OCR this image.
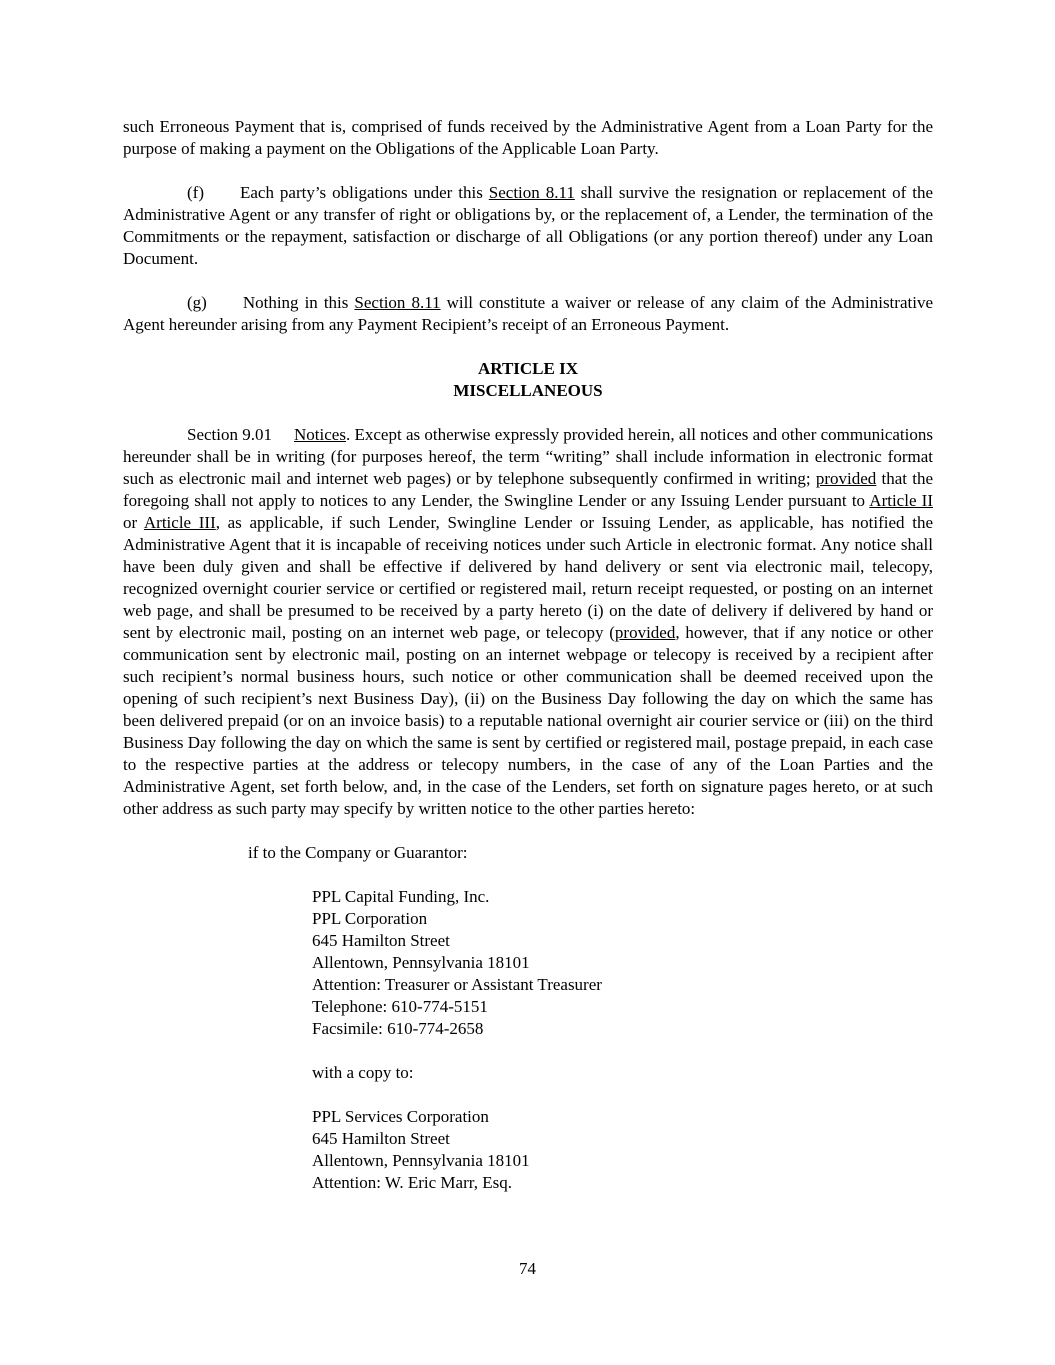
such Erroneous Payment that is, comprised of funds received by the Administrative Agent from a Loan Party for the purpose of making a payment on the Obligations of the Applicable Loan Party.

(f) Each party’s obligations under this Section 8.11 shall survive the resignation or replacement of the Administrative Agent or any transfer of right or obligations by, or the replacement of, a Lender, the termination of the Commitments or the repayment, satisfaction or discharge of all Obligations (or any portion thereof) under any Loan Document.

(g) Nothing in this Section 8.11 will constitute a waiver or release of any claim of the Administrative Agent hereunder arising from any Payment Recipient’s receipt of an Erroneous Payment.

ARTICLE IX
MISCELLANEOUS

Section 9.01 Notices. Except as otherwise expressly provided herein, all notices and other communications hereunder shall be in writing (for purposes hereof, the term “writing” shall include information in electronic format such as electronic mail and internet web pages) or by telephone subsequently confirmed in writing; provided that the foregoing shall not apply to notices to any Lender, the Swingline Lender or any Issuing Lender pursuant to Article II or Article III, as applicable, if such Lender, Swingline Lender or Issuing Lender, as applicable, has notified the Administrative Agent that it is incapable of receiving notices under such Article in electronic format. Any notice shall have been duly given and shall be effective if delivered by hand delivery or sent via electronic mail, telecopy, recognized overnight courier service or certified or registered mail, return receipt requested, or posting on an internet web page, and shall be presumed to be received by a party hereto (i) on the date of delivery if delivered by hand or sent by electronic mail, posting on an internet web page, or telecopy (provided, however, that if any notice or other communication sent by electronic mail, posting on an internet webpage or telecopy is received by a recipient after such recipient’s normal business hours, such notice or other communication shall be deemed received upon the opening of such recipient’s next Business Day), (ii) on the Business Day following the day on which the same has been delivered prepaid (or on an invoice basis) to a reputable national overnight air courier service or (iii) on the third Business Day following the day on which the same is sent by certified or registered mail, postage prepaid, in each case to the respective parties at the address or telecopy numbers, in the case of any of the Loan Parties and the Administrative Agent, set forth below, and, in the case of the Lenders, set forth on signature pages hereto, or at such other address as such party may specify by written notice to the other parties hereto:

if to the Company or Guarantor:
PPL Capital Funding, Inc.
PPL Corporation
645 Hamilton Street
Allentown, Pennsylvania 18101
Attention: Treasurer or Assistant Treasurer
Telephone: 610-774-5151
Facsimile: 610-774-2658
with a copy to:
PPL Services Corporation
645 Hamilton Street
Allentown, Pennsylvania 18101
Attention: W. Eric Marr, Esq.
74
